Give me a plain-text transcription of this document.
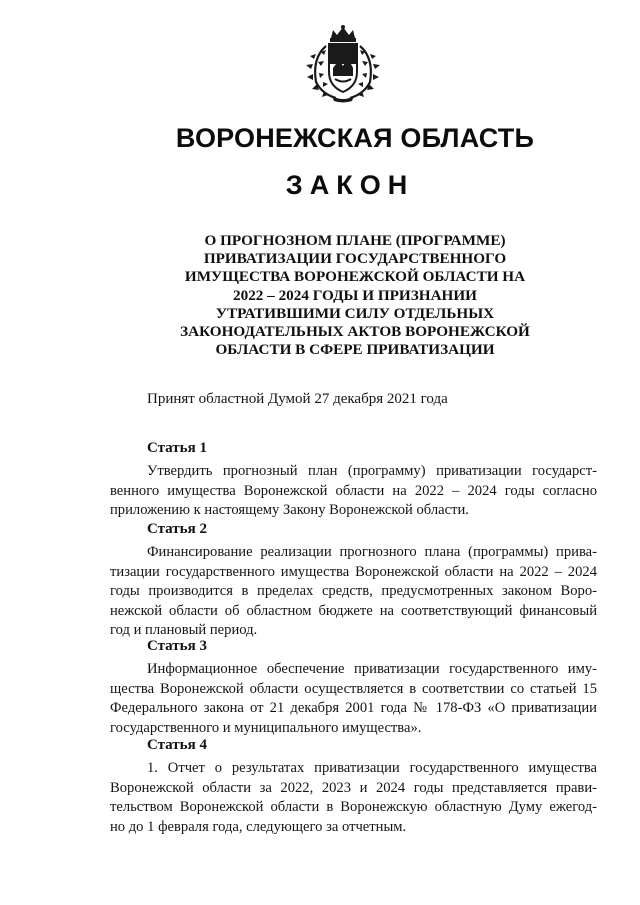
ВОРОНЕЖСКАЯ ОБЛАСТЬ
ЗАКОН
О ПРОГНОЗНОМ ПЛАНЕ (ПРОГРАММЕ)
ПРИВАТИЗАЦИИ ГОСУДАРСТВЕННОГО
ИМУЩЕСТВА ВОРОНЕЖСКОЙ ОБЛАСТИ НА
2022 – 2024 ГОДЫ И ПРИЗНАНИИ
УТРАТИВШИМИ СИЛУ ОТДЕЛЬНЫХ
ЗАКОНОДАТЕЛЬНЫХ АКТОВ ВОРОНЕЖСКОЙ
ОБЛАСТИ В СФЕРЕ ПРИВАТИЗАЦИИ
Принят областной Думой 27 декабря 2021 года
Статья 1
Утвердить прогнозный план (программу) приватизации государст-
венного имущества Воронежской области на 2022 – 2024 годы согласно
приложению к настоящему Закону Воронежской области.
Статья 2
Финансирование реализации прогнозного плана (программы) прива-
тизации государственного имущества Воронежской области на 2022 – 2024
годы производится в пределах средств, предусмотренных законом Воро-
нежской области об областном бюджете на соответствующий финансовый
год и плановый период.
Статья 3
Информационное обеспечение приватизации государственного иму-
щества Воронежской области осуществляется в соответствии со статьей 15
Федерального закона от 21 декабря 2001 года № 178-ФЗ «О приватизации
государственного и муниципального имущества».
Статья 4
1. Отчет о результатах приватизации государственного имущества
Воронежской области за 2022, 2023 и 2024 годы представляется прави-
тельством Воронежской области в Воронежскую областную Думу ежегод-
но до 1 февраля года, следующего за отчетным.
